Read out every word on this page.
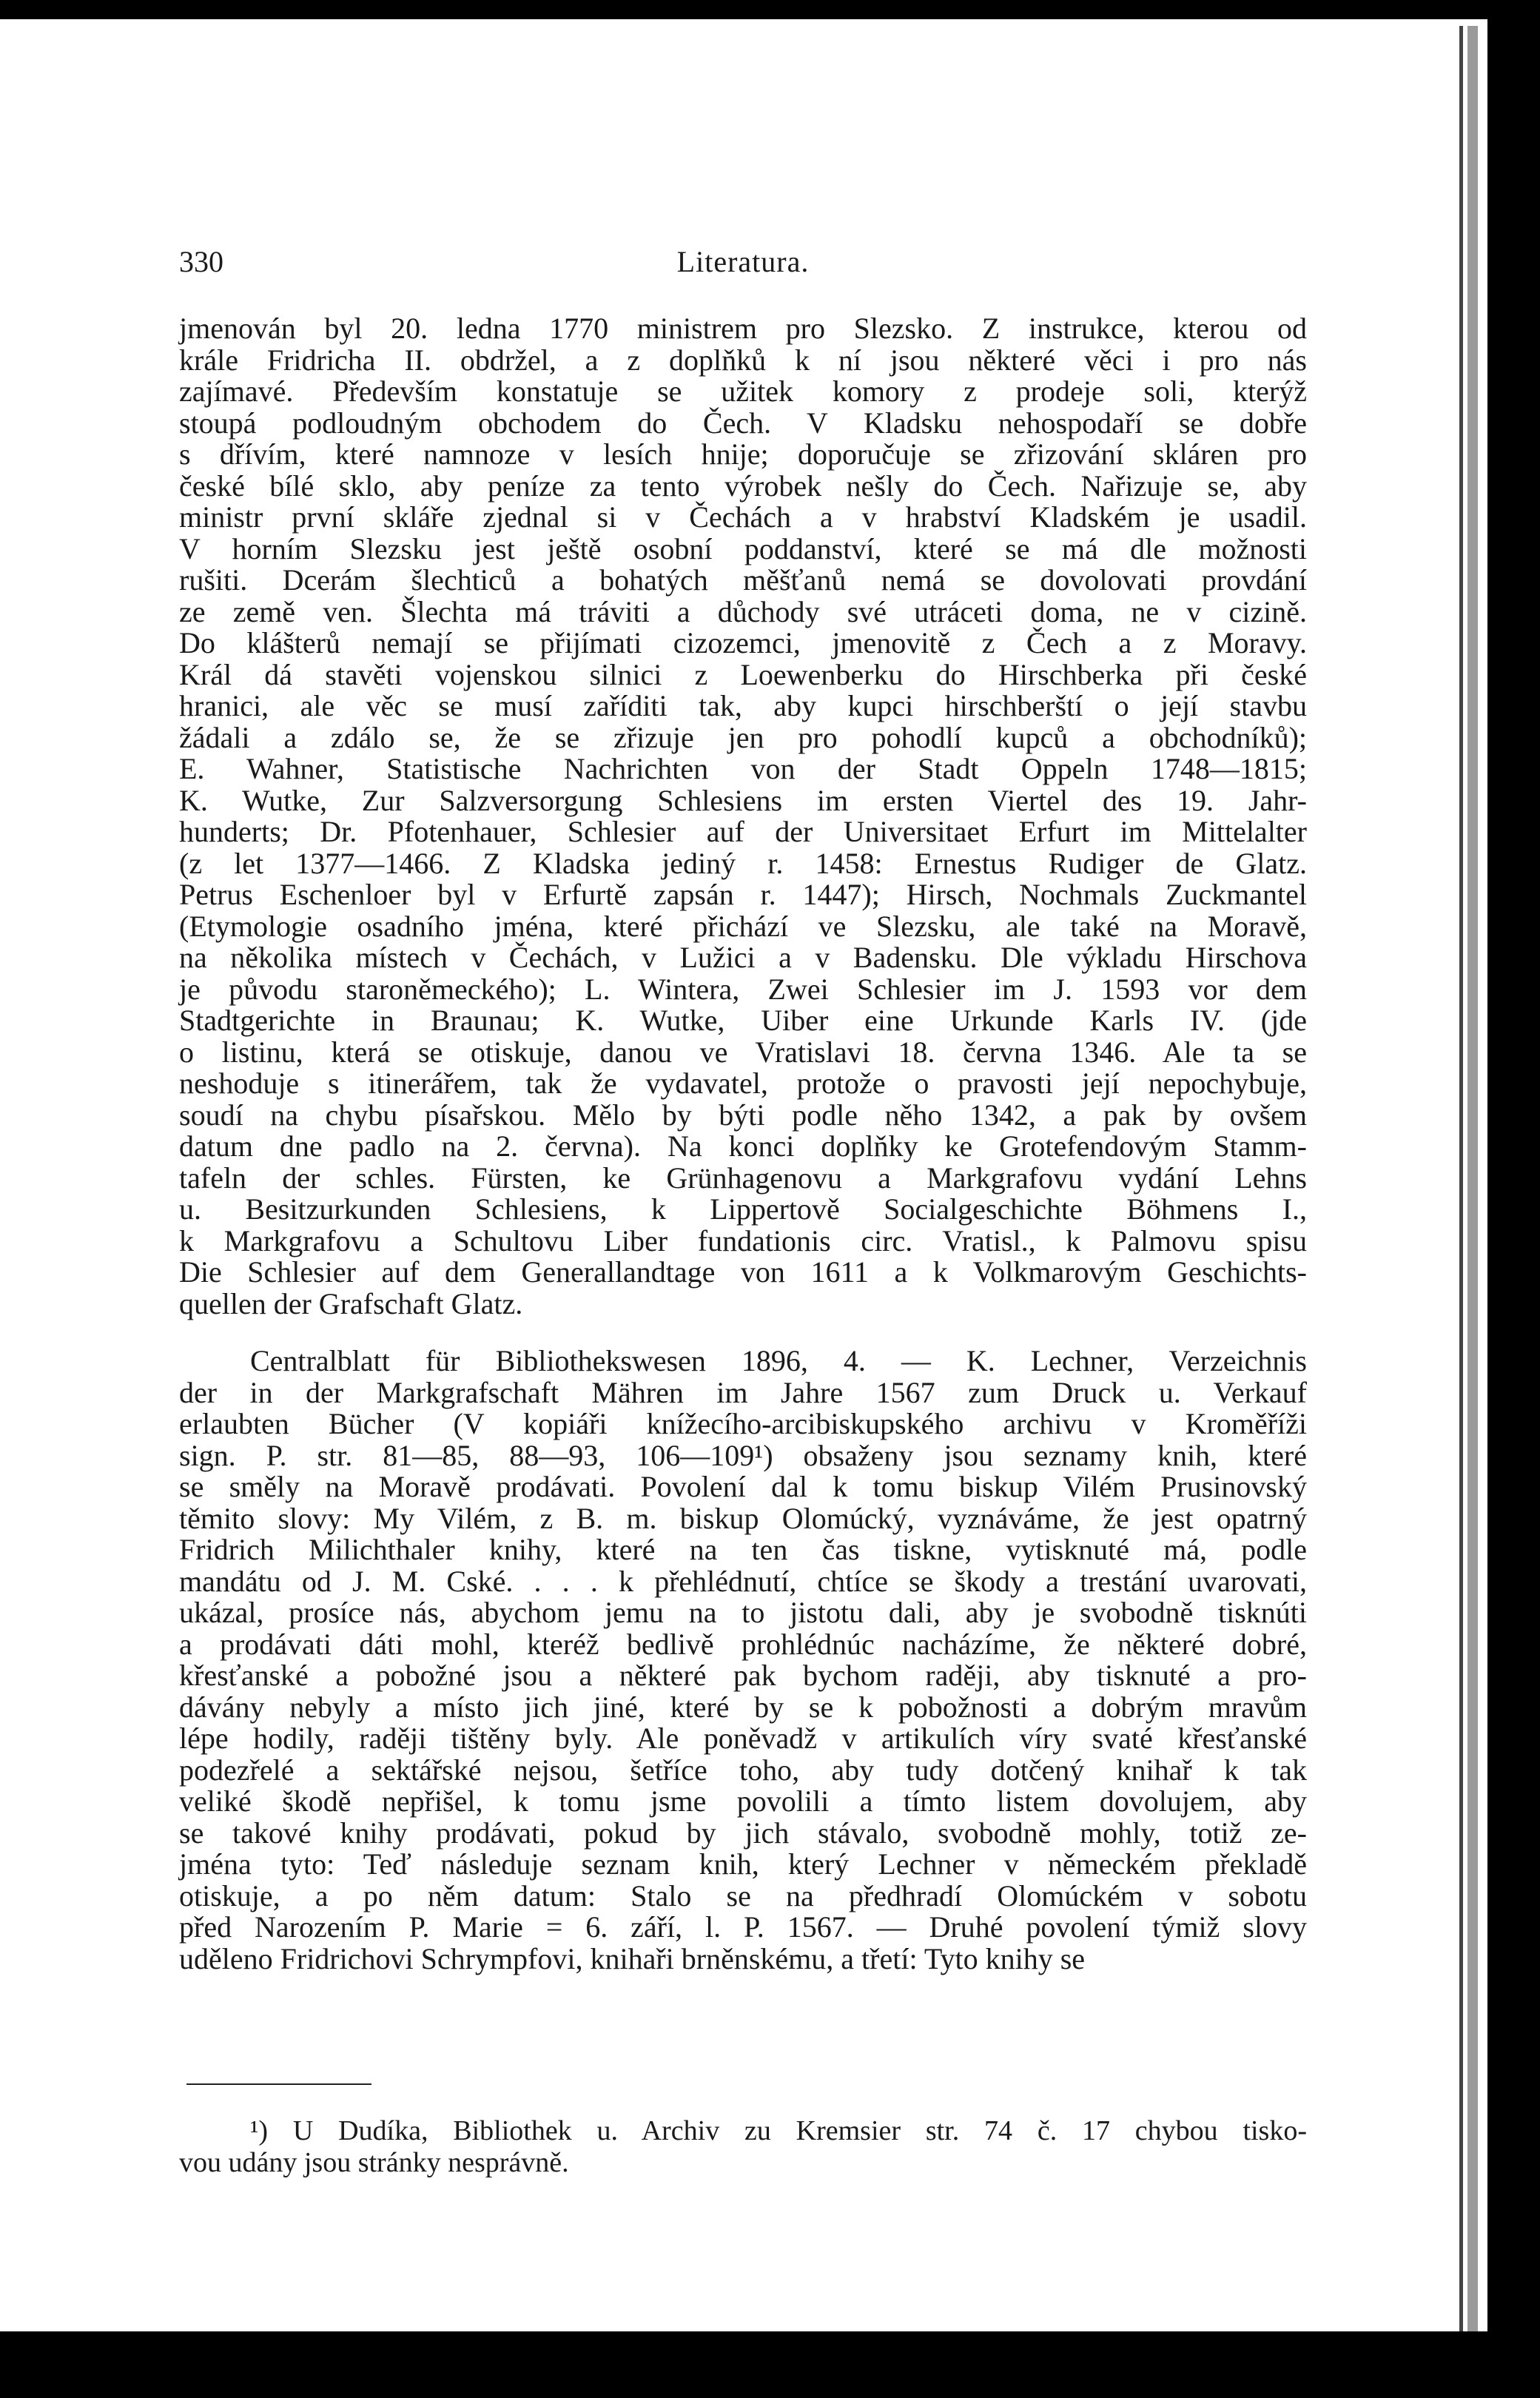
330	Literatura.
jmenován byl 20. ledna 1770 ministrem pro Slezsko. Z instrukce, kterou od
krále Fridricha II. obdržel, a z doplňků k ní jsou některé věci i pro nás
zajímavé. Především konstatuje se užitek komory z prodeje soli, kterýž
stoupá podloudným obchodem do Čech. V Kladsku nehospodaří se dobře
s dřívím, které namnoze v lesích hnije; doporučuje se zřizování skláren pro
české bílé sklo, aby peníze za tento výrobek nešly do Čech. Nařizuje se, aby
ministr první skláře zjednal si v Čechách a v hrabství Kladském je usadil.
V horním Slezsku jest ještě osobní poddanství, které se má dle možnosti
rušiti. Dcerám šlechticů a bohatých měšťanů nemá se dovolovati provdání
ze země ven. Šlechta má tráviti a důchody své utráceti doma, ne v cizině.
Do klášterů nemají se přijímati cizozemci, jmenovitě z Čech a z Moravy.
Král dá stavěti vojenskou silnici z Loewenberku do Hirschberka při české
hranici, ale věc se musí zaříditi tak, aby kupci hirschberští o její stavbu
žádali a zdálo se, že se zřizuje jen pro pohodlí kupců a obchodníků);
E. Wahner, Statistische Nachrichten von der Stadt Oppeln 1748—1815;
K. Wutke, Zur Salzversorgung Schlesiens im ersten Viertel des 19. Jahr-
hunderts; Dr. Pfotenhauer, Schlesier auf der Universitaet Erfurt im Mittelalter
(z let 1377—1466. Z Kladska jediný r. 1458: Ernestus Rudiger de Glatz.
Petrus Eschenloer byl v Erfurtě zapsán r. 1447); Hirsch, Nochmals Zuckmantel
(Etymologie osadního jména, které přichází ve Slezsku, ale také na Moravě,
na několika místech v Čechách, v Lužici a v Badensku. Dle výkladu Hirschova
je původu staroněmeckého); L. Wintera, Zwei Schlesier im J. 1593 vor dem
Stadtgerichte in Braunau; K. Wutke, Uiber eine Urkunde Karls IV. (jde
o listinu, která se otiskuje, danou ve Vratislavi 18. června 1346. Ale ta se
neshoduje s itinerářem, tak že vydavatel, protože o pravosti její nepochybuje,
soudí na chybu písařskou. Mělo by býti podle něho 1342, a pak by ovšem
datum dne padlo na 2. června). Na konci doplňky ke Grotefendovým Stamm-
tafeln der schles. Fürsten, ke Grünhagenovu a Markgrafovu vydání Lehns
u. Besitzurkunden Schlesiens, k Lippertově Socialgeschichte Böhmens I.,
k Markgrafovu a Schultovu Liber fundationis circ. Vratisl., k Palmovu spisu
Die Schlesier auf dem Generallandtage von 1611 a k Volkmarovým Geschichts-
quellen der Grafschaft Glatz.
Centralblatt für Bibliothekswesen 1896, 4. — K. Lechner, Verzeichnis
der in der Markgrafschaft Mähren im Jahre 1567 zum Druck u. Verkauf
erlaubten Bücher (V kopiáři knížecího-arcibiskupského archivu v Kroměříži
sign. P. str. 81—85, 88—93, 106—109¹) obsaženy jsou seznamy knih, které
se směly na Moravě prodávati. Povolení dal k tomu biskup Vilém Prusinovský
těmito slovy: My Vilém, z B. m. biskup Olomúcký, vyznáváme, že jest opatrný
Fridrich Milichthaler knihy, které na ten čas tiskne, vytisknuté má, podle
mandátu od J. M. Cské. . . . k přehlédnutí, chtíce se škody a trestání uvarovati,
ukázal, prosíce nás, abychom jemu na to jistotu dali, aby je svobodně tisknúti
a prodávati dáti mohl, kteréž bedlivě prohlédnúc nacházíme, že některé dobré,
křesťanské a pobožné jsou a některé pak bychom raději, aby tisknuté a pro-
dávány nebyly a místo jich jiné, které by se k pobožnosti a dobrým mravům
lépe hodily, raději tištěny byly. Ale poněvadž v artikulích víry svaté křesťanské
podezřelé a sektářské nejsou, šetříce toho, aby tudy dotčený knihař k tak
veliké škodě nepřišel, k tomu jsme povolili a tímto listem dovolujem, aby
se takové knihy prodávati, pokud by jich stávalo, svobodně mohly, totiž ze-
jména tyto: Teď následuje seznam knih, který Lechner v německém překladě
otiskuje, a po něm datum: Stalo se na předhradí Olomúckém v sobotu
před Narozením P. Marie = 6. září, l. P. 1567. — Druhé povolení týmiž slovy
uděleno Fridrichovi Schrympfovi, knihaři brněnskému, a třetí: Tyto knihy se
¹) U Dudíka, Bibliothek u. Archiv zu Kremsier str. 74 č. 17 chybou tisko-
vou udány jsou stránky nesprávně.
